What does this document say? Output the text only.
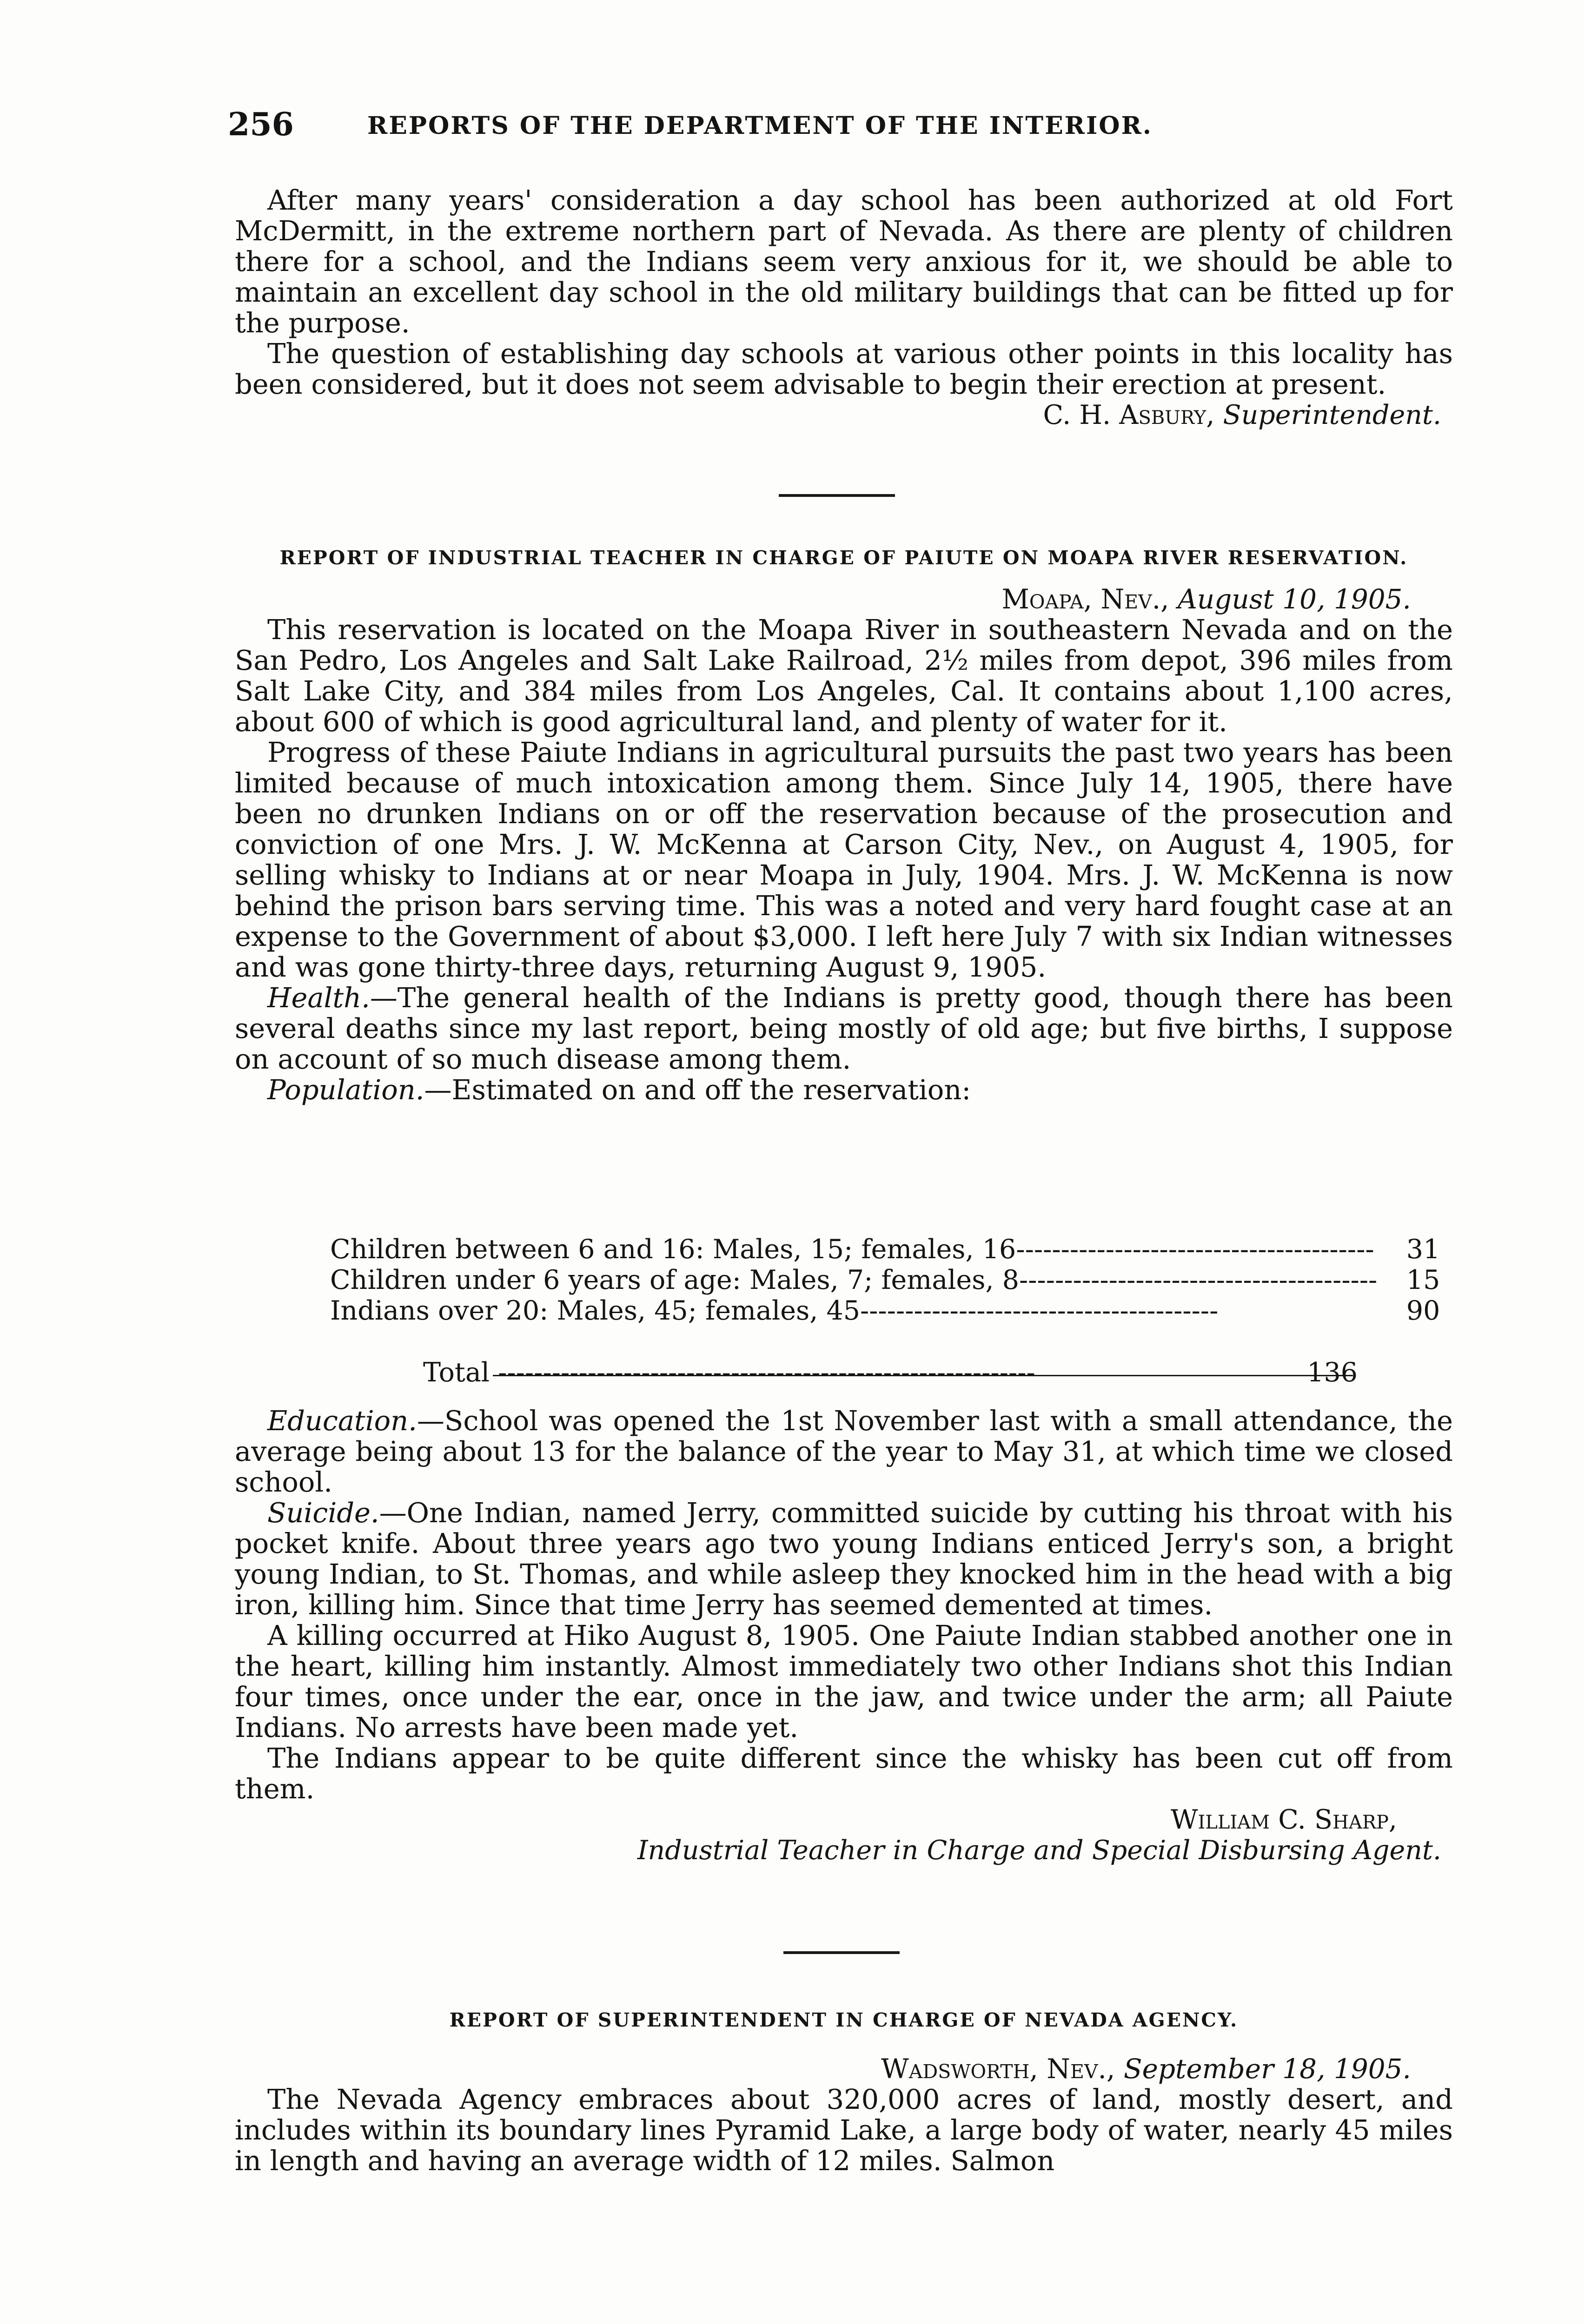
256	REPORTS OF THE DEPARTMENT OF THE INTERIOR.

After many years' consideration a day school has been authorized at old Fort McDermitt, in the extreme northern part of Nevada. As there are plenty of children there for a school, and the Indians seem very anxious for it, we should be able to maintain an excellent day school in the old military buildings that can be fitted up for the purpose.

The question of establishing day schools at various other points in this locality has been considered, but it does not seem advisable to begin their erection at present.

C. H. Asbury, Superintendent.
REPORT OF INDUSTRIAL TEACHER IN CHARGE OF PAIUTE ON MOAPA RIVER RESERVATION.
Moapa, Nev., August 10, 1905.

This reservation is located on the Moapa River in southeastern Nevada and on the San Pedro, Los Angeles and Salt Lake Railroad, 2½ miles from depot, 396 miles from Salt Lake City, and 384 miles from Los Angeles, Cal. It contains about 1,100 acres, about 600 of which is good agricultural land, and plenty of water for it.

Progress of these Paiute Indians in agricultural pursuits the past two years has been limited because of much intoxication among them. Since July 14, 1905, there have been no drunken Indians on or off the reservation because of the prosecution and conviction of one Mrs. J. W. McKenna at Carson City, Nev., on August 4, 1905, for selling whisky to Indians at or near Moapa in July, 1904. Mrs. J. W. McKenna is now behind the prison bars serving time. This was a noted and very hard fought case at an expense to the Government of about $3,000. I left here July 7 with six Indian witnesses and was gone thirty-three days, returning August 9, 1905.

Health.—The general health of the Indians is pretty good, though there has been several deaths since my last report, being mostly of old age; but five births, I suppose on account of so much disease among them.

Population.—Estimated on and off the reservation:

Children between 6 and 16: Males, 15; females, 16----------------------------------------	31
Children under 6 years of age: Males, 7; females, 8----------------------------------------	15
Indians over 20: Males, 45; females, 45----------------------------------------	90
Total ------------------------------------------------------------	136

Education.—School was opened the 1st November last with a small attendance, the average being about 13 for the balance of the year to May 31, at which time we closed school.

Suicide.—One Indian, named Jerry, committed suicide by cutting his throat with his pocket knife. About three years ago two young Indians enticed Jerry's son, a bright young Indian, to St. Thomas, and while asleep they knocked him in the head with a big iron, killing him. Since that time Jerry has seemed demented at times.

A killing occurred at Hiko August 8, 1905. One Paiute Indian stabbed another one in the heart, killing him instantly. Almost immediately two other Indians shot this Indian four times, once under the ear, once in the jaw, and twice under the arm; all Paiute Indians. No arrests have been made yet.

The Indians appear to be quite different since the whisky has been cut off from them.

William C. Sharp,
Industrial Teacher in Charge and Special Disbursing Agent.
REPORT OF SUPERINTENDENT IN CHARGE OF NEVADA AGENCY.
Wadsworth, Nev., September 18, 1905.

The Nevada Agency embraces about 320,000 acres of land, mostly desert, and includes within its boundary lines Pyramid Lake, a large body of water, nearly 45 miles in length and having an average width of 12 miles. Salmon
